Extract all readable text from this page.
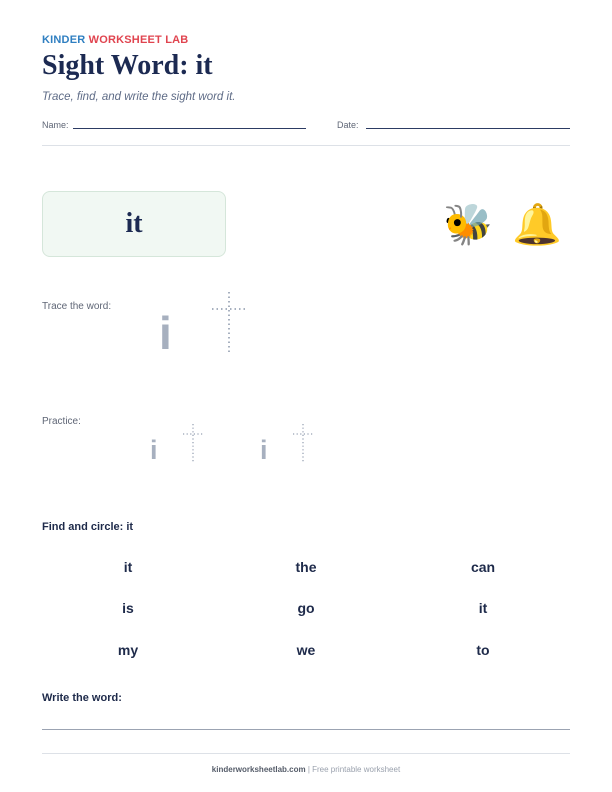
KINDER WORKSHEET LAB
Sight Word: it
Trace, find, and write the sight word it.
Name:	Date:
it	🐝 🔔
Trace the word:
i
Practice:
i	i
Find and circle: it
it	the	can
is	go	it
my	we	to
Write the word:
kinderworksheetlab.com | Free printable worksheet
